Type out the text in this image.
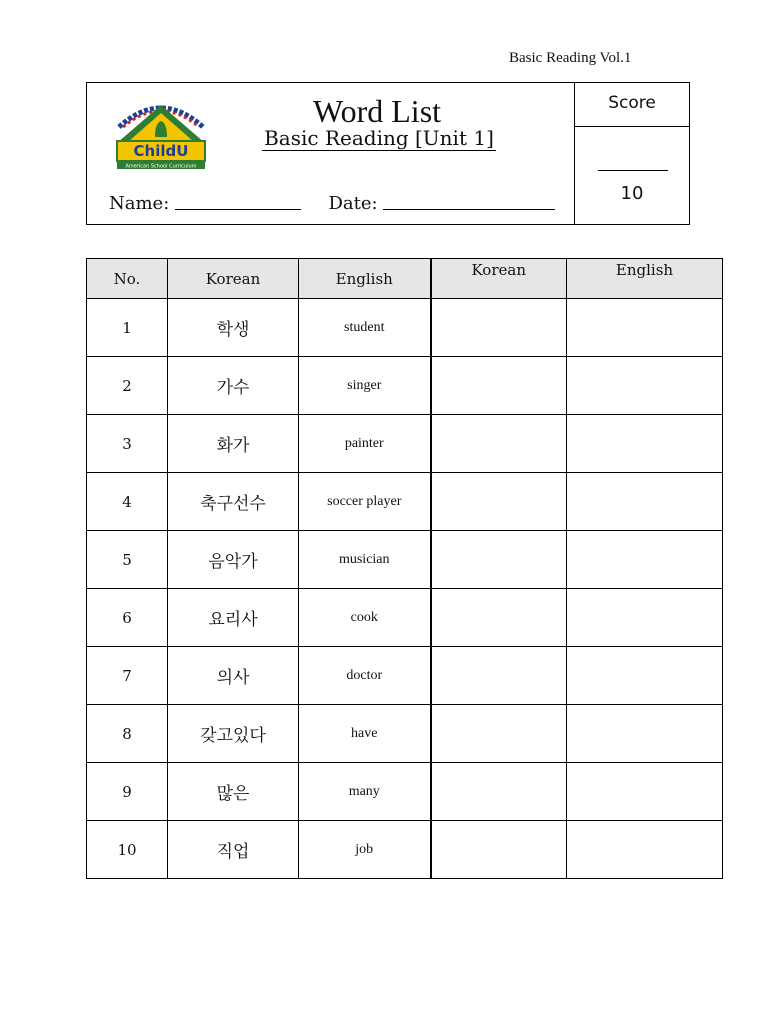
Basic Reading Vol.1
ChildU
American School Curriculum
Word List
Basic Reading [Unit 1]
Name:	Date:
Score
10
No.	Korean	English	Korean	English
1	학생	student		
2	가수	singer		
3	화가	painter		
4	축구선수	soccer player		
5	음악가	musician		
6	요리사	cook		
7	의사	doctor		
8	갖고있다	have		
9	많은	many		
10	직업	job		
